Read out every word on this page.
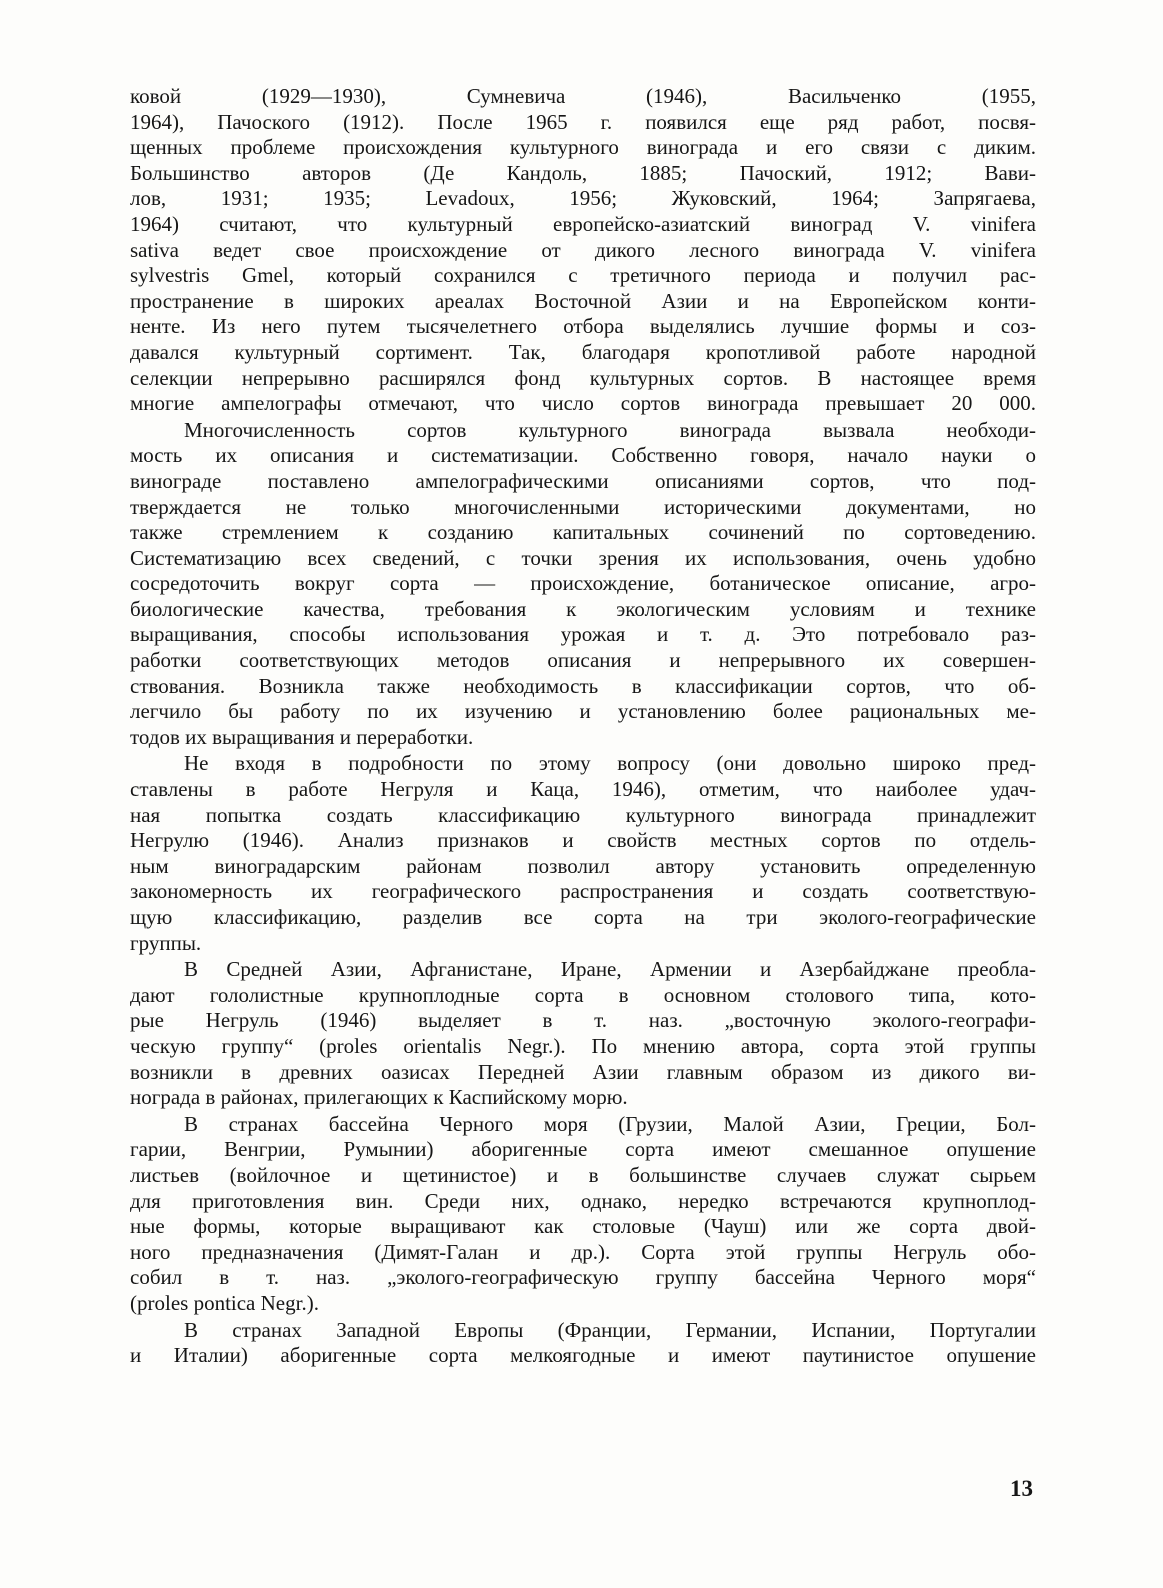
ковой (1929—1930), Сумневича (1946), Васильченко (1955,
1964), Пачоского (1912). После 1965 г. появился еще ряд работ, посвя-
щенных проблеме происхождения культурного винограда и его связи с диким.
Большинство авторов (Де Кандоль, 1885; Пачоский, 1912; Вави-
лов, 1931; 1935; Levadoux, 1956; Жуковский, 1964; Запрягаева,
1964) считают, что культурный европейско-азиатский виноград V. vinifera
sativa ведет свое происхождение от дикого лесного винограда V. vinifera
sylvestris Gmel, который сохранился с третичного периода и получил рас-
пространение в широких ареалах Восточной Азии и на Европейском конти-
ненте. Из него путем тысячелетнего отбора выделялись лучшие формы и соз-
давался культурный сортимент. Так, благодаря кропотливой работе народной
селекции непрерывно расширялся фонд культурных сортов. В настоящее время
многие ампелографы отмечают, что число сортов винограда превышает 20 000.
Многочисленность сортов культурного винограда вызвала необходи-
мость их описания и систематизации. Собственно говоря, начало науки о
винограде поставлено ампелографическими описаниями сортов, что под-
тверждается не только многочисленными историческими документами, но
также стремлением к созданию капитальных сочинений по сортоведению.
Систематизацию всех сведений, с точки зрения их использования, очень удобно
сосредоточить вокруг сорта — происхождение, ботаническое описание, агро-
биологические качества, требования к экологическим условиям и технике
выращивания, способы использования урожая и т. д. Это потребовало раз-
работки соответствующих методов описания и непрерывного их совершен-
ствования. Возникла также необходимость в классификации сортов, что об-
легчило бы работу по их изучению и установлению более рациональных ме-
тодов их выращивания и переработки.
Не входя в подробности по этому вопросу (они довольно широко пред-
ставлены в работе Негруля и Каца, 1946), отметим, что наиболее удач-
ная попытка создать классификацию культурного винограда принадлежит
Негрулю (1946). Анализ признаков и свойств местных сортов по отдель-
ным виноградарским районам позволил автору установить определенную
закономерность их географического распространения и создать соответствую-
щую классификацию, разделив все сорта на три эколого-географические
группы.
В Средней Азии, Афганистане, Иране, Армении и Азербайджане преобла-
дают гололистные крупноплодные сорта в основном столового типа, кото-
рые Негруль (1946) выделяет в т. наз. „восточную эколого-географи-
ческую группу“ (proles orientalis Negr.). По мнению автора, сорта этой группы
возникли в древних оазисах Передней Азии главным образом из дикого ви-
нограда в районах, прилегающих к Каспийскому морю.
В странах бассейна Черного моря (Грузии, Малой Азии, Греции, Бол-
гарии, Венгрии, Румынии) аборигенные сорта имеют смешанное опушение
листьев (войлочное и щетинистое) и в большинстве случаев служат сырьем
для приготовления вин. Среди них, однако, нередко встречаются крупноплод-
ные формы, которые выращивают как столовые (Чауш) или же сорта двой-
ного предназначения (Димят-Галан и др.). Сорта этой группы Негруль обо-
собил в т. наз. „эколого-географическую группу бассейна Черного моря“
(proles pontica Negr.).
В странах Западной Европы (Франции, Германии, Испании, Португалии
и Италии) аборигенные сорта мелкоягодные и имеют паутинистое опушение
13
